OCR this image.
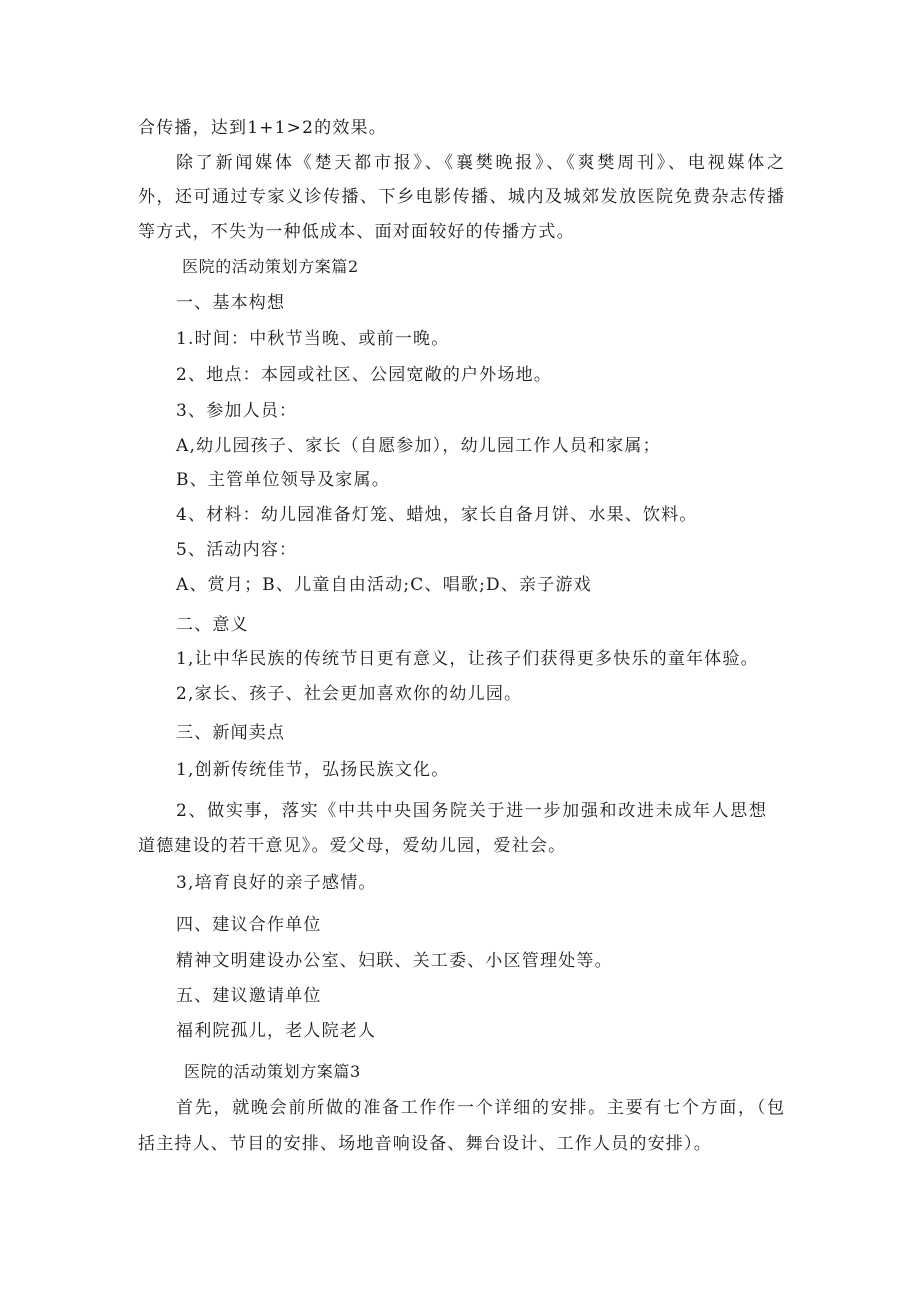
合传播，达到1+1>2的效果。
除了新闻媒体《楚天都市报》、《襄樊晚报》、《爽樊周刊》、电视媒体之
外，还可通过专家义诊传播、下乡电影传播、城内及城郊发放医院免费杂志传播
等方式，不失为一种低成本、面对面较好的传播方式。
医院的活动策划方案篇2
一、基本构想
1.时间：中秋节当晚、或前一晚。
2、地点：本园或社区、公园宽敞的户外场地。
3、参加人员：
A,幼儿园孩子、家长（自愿参加），幼儿园工作人员和家属；
B、主管单位领导及家属。
4、材料：幼儿园准备灯笼、蜡烛，家长自备月饼、水果、饮料。
5、活动内容：
A、赏月；B、儿童自由活动;C、唱歌;D、亲子游戏
二、意义
1,让中华民族的传统节日更有意义，让孩子们获得更多快乐的童年体验。
2,家长、孩子、社会更加喜欢你的幼儿园。
三、新闻卖点
1,创新传统佳节，弘扬民族文化。
2、做实事，落实《中共中央国务院关于进一步加强和改进未成年人思想
道德建设的若干意见》。爱父母，爱幼儿园，爱社会。
3,培育良好的亲子感情。
四、建议合作单位
精神文明建设办公室、妇联、关工委、小区管理处等。
五、建议邀请单位
福利院孤儿，老人院老人
医院的活动策划方案篇3
首先，就晚会前所做的准备工作作一个详细的安排。主要有七个方面，（包
括主持人、节目的安排、场地音响设备、舞台设计、工作人员的安排）。
